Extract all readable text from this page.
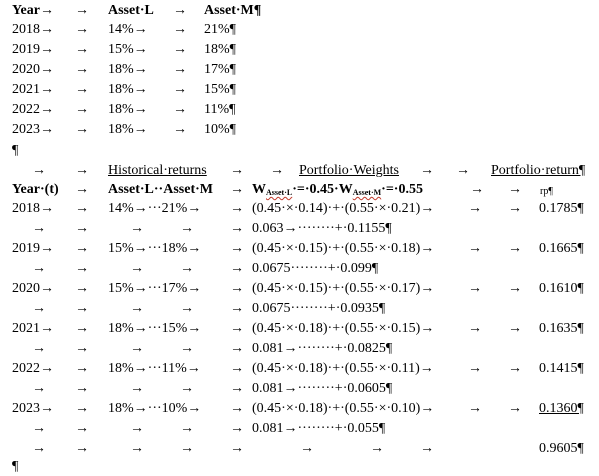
Year→ → Asset·L → Asset·M¶
2018→ → 14%→ → 21%¶
2019→ → 15%→ → 18%¶
2020→ → 18%→ → 17%¶
2021→ → 18%→ → 15%¶
2022→ → 18%→ → 11%¶
2023→ → 18%→ → 10%¶
¶
→ → Historical·returns → → Portfolio·Weights → → Portfolio·return¶
Year·(t) → Asset·L··Asset·M → $W_{Asset\cdot L}\cdot=\cdot 0.45\cdot W_{Asset\cdot M}\cdot=\cdot 0.55$	→ → rp¶
2018→ → 14%→···21%→ → (0.45·×·0.14)·+·(0.55·×·0.21)→ → → 0.1785¶
→ →	→	→	→ 0.063→········+·0.1155¶
2019→ → 15%→···18%→ → (0.45·×·0.15)·+·(0.55·×·0.18)→ → → 0.1665¶
→ →	→	→	→ 0.0675········+·0.099¶
2020→ → 15%→···17%→ → (0.45·×·0.15)·+·(0.55·×·0.17)→ → → 0.1610¶
→ →	→	→	→ 0.0675········+·0.0935¶
2021→ → 18%→···15%→ → (0.45·×·0.18)·+·(0.55·×·0.15)→ → → 0.1635¶
→ →	→	→	→ 0.081→········+·0.0825¶
2022→ → 18%→···11%→ → (0.45·×·0.18)·+·(0.55·×·0.11)→ → → 0.1415¶
→ →	→	→	→ 0.081→········+·0.0605¶
2023→ → 18%→···10%→ → (0.45·×·0.18)·+·(0.55·×·0.10)→ → → 0.1360¶
→ →	→	→	→ 0.081→········+·0.055¶
→ →	→	→	→	→	→	→	0.9605¶
¶
